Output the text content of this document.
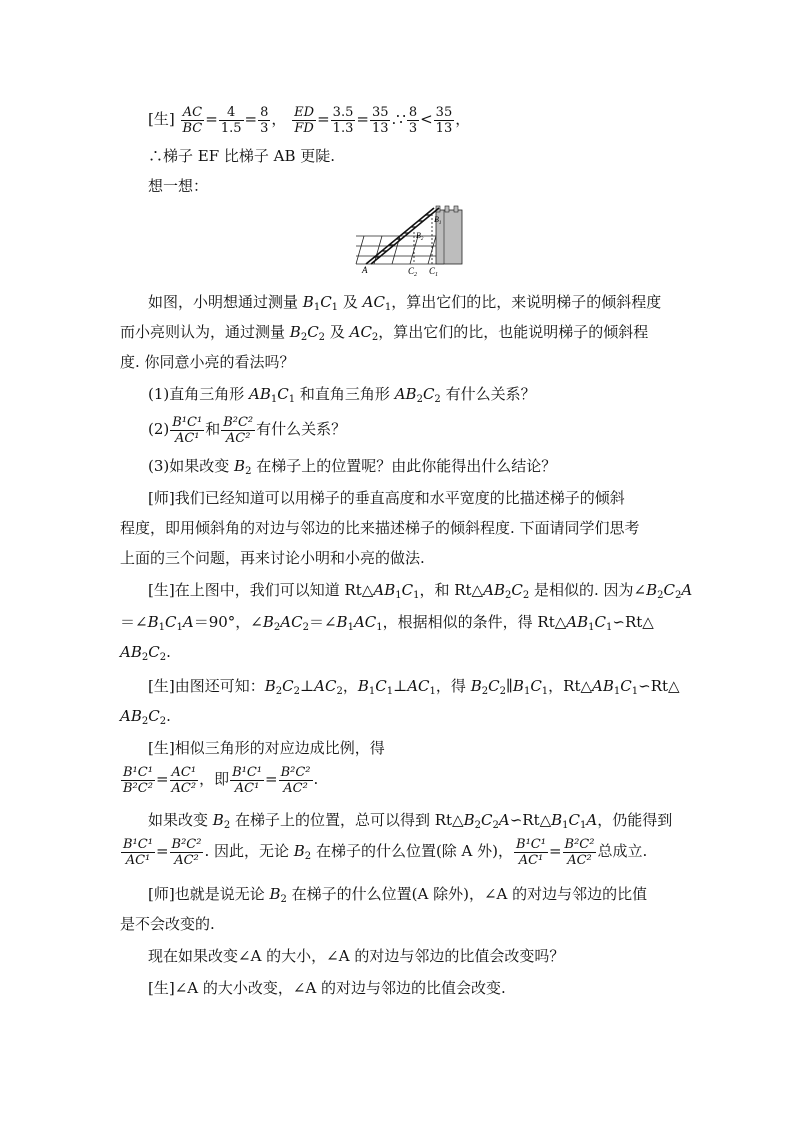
[生] $\frac{AC}{BC} = \frac{4}{1.5} = \frac{8}{3}$ ， $\frac{ED}{FD} = \frac{3.5}{1.3} = \frac{35}{13}$ .∵ $\frac{8}{3} < \frac{35}{13}$ ，
∴梯子 EF 比梯子 AB 更陡.
想一想：
A	$C_2$ $C_1$
$B_2$
$B_1$
如图，小明想通过测量 $B_1C_1$ 及 $AC_1$，算出它们的比，来说明梯子的倾斜程度
而小亮则认为，通过测量 $B_2C_2$ 及 $AC_2$，算出它们的比，也能说明梯子的倾斜程
度. 你同意小亮的看法吗？
(1)直角三角形 $AB_1C_1$ 和直角三角形 $AB_2C_2$ 有什么关系？
$(2) \frac{\text{B¹C¹}}{\text{AC¹}}$ 和 $\frac{\text{B²C²}}{\text{AC²}}$ 有什么关系？
(3)如果改变 $B_2$ 在梯子上的位置呢？由此你能得出什么结论？
[师]我们已经知道可以用梯子的垂直高度和水平宽度的比描述梯子的倾斜
程度，即用倾斜角的对边与邻边的比来描述梯子的倾斜程度. 下面请同学们思考
上面的三个问题，再来讨论小明和小亮的做法.
[生]在上图中，我们可以知道 $Rt\triangle AB_1C_1$，和 $Rt\triangle AB_2C_2$ 是相似的. 因为$\angle B_2C_2A$
$=\angle B_1C_1A=90^\circ$，$\angle B_2AC_2=\angle B_1AC_1$，根据相似的条件，得 $Rt\triangle AB_1C_1∽Rt\triangle$
$AB_2C_2$.
[生]由图还可知：$B_2C_2\perp AC_2$，$B_1C_1\perp AC_1$，得 $B_2C_2\parallel B_1C_1$，$Rt\triangle AB_1C_1∽Rt\triangle$
$AB_2C_2$.
[生]相似三角形的对应边成比例，得
$\frac{\text{B¹C¹}}{\text{B²C²}} = \frac{\text{AC¹}}{\text{AC²}}$ ，即 $\frac{\text{B¹C¹}}{\text{AC¹}} = \frac{\text{B²C²}}{\text{AC²}}$ .
如果改变 $B_2$ 在梯子上的位置，总可以得到 $Rt\triangle B_2C_2A∽Rt\triangle B_1C_1A$，仍能得到
$\frac{\text{B¹C¹}}{\text{AC¹}} = \frac{\text{B²C²}}{\text{AC²}}$ . 因此，无论 $B_2$ 在梯子的什么位置(除 A 外)， $\frac{\text{B¹C¹}}{\text{AC¹}} = \frac{\text{B²C²}}{\text{AC²}}$ 总成立.
[师]也就是说无论 $B_2$ 在梯子的什么位置(A 除外)，∠A 的对边与邻边的比值
是不会改变的.
现在如果改变∠A 的大小，∠A 的对边与邻边的比值会改变吗？
[生]∠A 的大小改变，∠A 的对边与邻边的比值会改变.
